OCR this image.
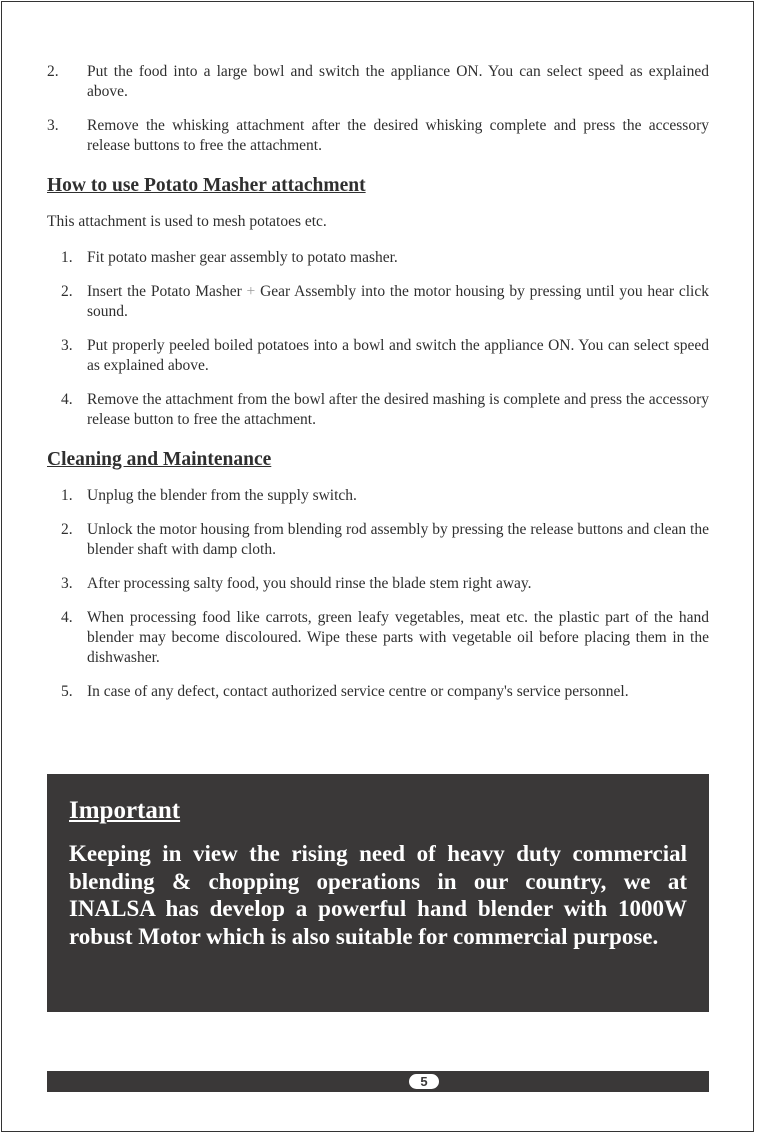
2. Put the food into a large bowl and switch the appliance ON. You can select speed as explained above.
3. Remove the whisking attachment after the desired whisking complete and press the accessory release buttons to free the attachment.
How to use Potato Masher attachment
This attachment is used to mesh potatoes etc.
1. Fit potato masher gear assembly to potato masher.
2. Insert the Potato Masher + Gear Assembly into the motor housing by pressing until you hear click sound.
3. Put properly peeled boiled potatoes into a bowl and switch the appliance ON. You can select speed as explained above.
4. Remove the attachment from the bowl after the desired mashing is complete and press the accessory release button to free the attachment.
Cleaning and Maintenance
1. Unplug the blender from the supply switch.
2. Unlock the motor housing from blending rod assembly by pressing the release buttons and clean the blender shaft with damp cloth.
3. After processing salty food, you should rinse the blade stem right away.
4. When processing food like carrots, green leafy vegetables, meat etc. the plastic part of the hand blender may become discoloured. Wipe these parts with vegetable oil before placing them in the dishwasher.
5. In case of any defect, contact authorized service centre or company's service personnel.
Important

Keeping in view the rising need of heavy duty commercial blending & chopping operations in our country, we at INALSA has develop a powerful hand blender with 1000W robust Motor which is also suitable for commercial purpose.

5
